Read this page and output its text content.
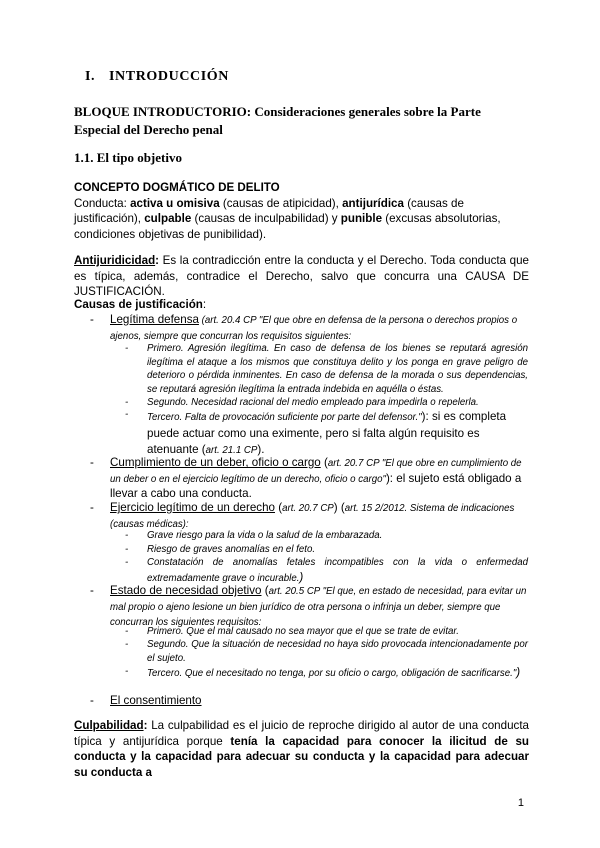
I. INTRODUCCIÓN
BLOQUE INTRODUCTORIO: Consideraciones generales sobre la Parte Especial del Derecho penal
1.1. El tipo objetivo
CONCEPTO DOGMÁTICO DE DELITO
Conducta: activa u omisiva (causas de atipicidad), antijurídica (causas de justificación), culpable (causas de inculpabilidad) y punible (excusas absolutorias, condiciones objetivas de punibilidad).
Antijuridicidad: Es la contradicción entre la conducta y el Derecho. Toda conducta que es típica, además, contradice el Derecho, salvo que concurra una CAUSA DE JUSTIFICACIÓN.
Causas de justificación:
- Legítima defensa (art. 20.4 CP "El que obre en defensa de la persona o derechos propios o ajenos, siempre que concurran los requisitos siguientes:
- Primero. Agresión ilegítima. En caso de defensa de los bienes se reputará agresión ilegítima el ataque a los mismos que constituya delito y los ponga en grave peligro de deterioro o pérdida inminentes. En caso de defensa de la morada o sus dependencias, se reputará agresión ilegítima la entrada indebida en aquélla o éstas.
- Segundo. Necesidad racional del medio empleado para impedirla o repelerla.
- Tercero. Falta de provocación suficiente por parte del defensor."): si es completa puede actuar como una eximente, pero si falta algún requisito es atenuante (art. 21.1 CP).
- Cumplimiento de un deber, oficio o cargo (art. 20.7 CP "El que obre en cumplimiento de un deber o en el ejercicio legítimo de un derecho, oficio o cargo"): el sujeto está obligado a llevar a cabo una conducta.
- Ejercicio legítimo de un derecho (art. 20.7 CP) (art. 15 2/2012. Sistema de indicaciones (causas médicas):
- Grave riesgo para la vida o la salud de la embarazada.
- Riesgo de graves anomalías en el feto.
- Constatación de anomalías fetales incompatibles con la vida o enfermedad extremadamente grave o incurable.)
- Estado de necesidad objetivo (art. 20.5 CP "El que, en estado de necesidad, para evitar un mal propio o ajeno lesione un bien jurídico de otra persona o infrinja un deber, siempre que concurran los siguientes requisitos:
- Primero. Que el mal causado no sea mayor que el que se trate de evitar.
- Segundo. Que la situación de necesidad no haya sido provocada intencionadamente por el sujeto.
- Tercero. Que el necesitado no tenga, por su oficio o cargo, obligación de sacrificarse.")
- El consentimiento
Culpabilidad: La culpabilidad es el juicio de reproche dirigido al autor de una conducta típica y antijurídica porque tenía la capacidad para conocer la ilicitud de su conducta y la capacidad para adecuar su conducta y la capacidad para adecuar su conducta a
1
